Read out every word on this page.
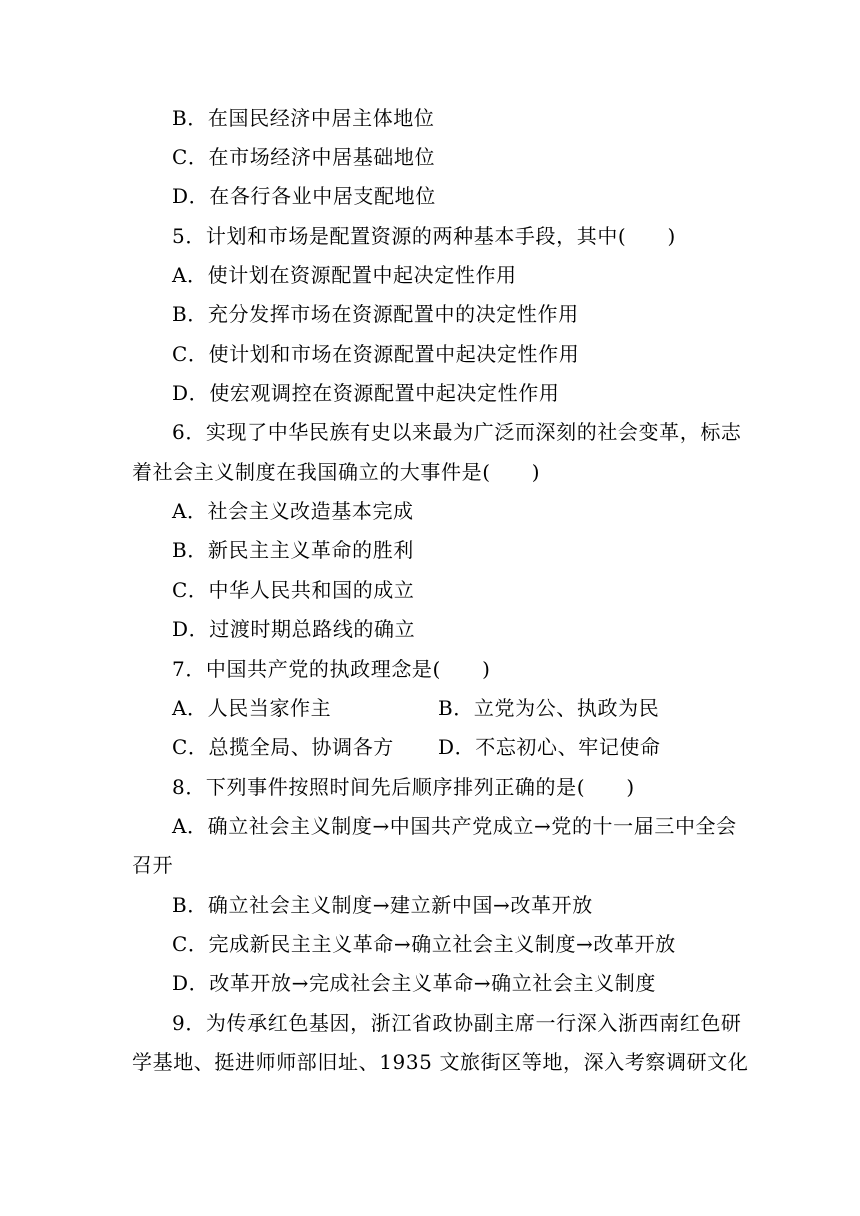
B．在国民经济中居主体地位
C．在市场经济中居基础地位
D．在各行各业中居支配地位
5．计划和市场是配置资源的两种基本手段，其中(　　)
A．使计划在资源配置中起决定性作用
B．充分发挥市场在资源配置中的决定性作用
C．使计划和市场在资源配置中起决定性作用
D．使宏观调控在资源配置中起决定性作用
6．实现了中华民族有史以来最为广泛而深刻的社会变革，标志
着社会主义制度在我国确立的大事件是(　　)
A．社会主义改造基本完成
B．新民主主义革命的胜利
C．中华人民共和国的成立
D．过渡时期总路线的确立
7．中国共产党的执政理念是(　　)
A．人民当家作主	B．立党为公、执政为民
C．总揽全局、协调各方 D．不忘初心、牢记使命
8．下列事件按照时间先后顺序排列正确的是(　　)
A．确立社会主义制度→中国共产党成立→党的十一届三中全会
召开
B．确立社会主义制度→建立新中国→改革开放
C．完成新民主主义革命→确立社会主义制度→改革开放
D．改革开放→完成社会主义革命→确立社会主义制度
9．为传承红色基因，浙江省政协副主席一行深入浙西南红色研
学基地、挺进师师部旧址、1935 文旅街区等地，深入考察调研文化
